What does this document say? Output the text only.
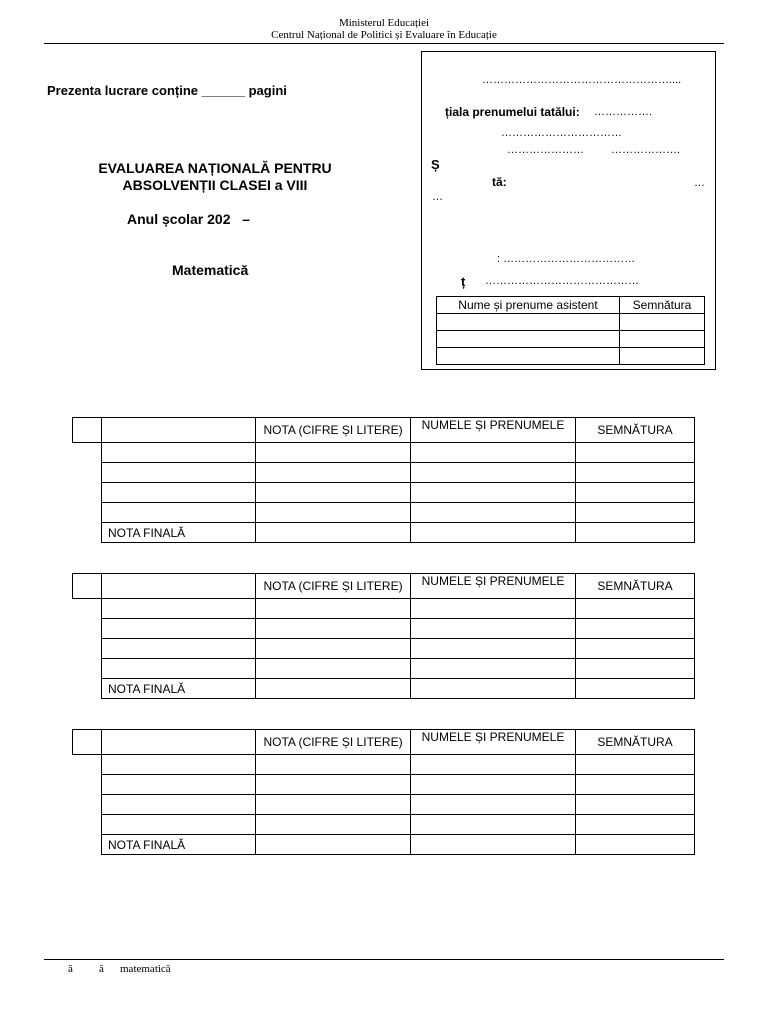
Ministerul Educației
Centrul Național de Politici și Evaluare în Educație
Prezenta lucrare conține ______ pagini
EVALUAREA NAȚIONALĂ PENTRU
ABSOLVENȚII CLASEI a VIII
Anul școlar 202   –
Matematică
……………………………………………....
țiala prenumelui tatălui: …………….
……………………………
………………… ……………….
Ș
tă:	…
…
: ………………………………
ț ……………………………………
Nume și prenume asistent	Semnătura

		NOTA (CIFRE ȘI LITERE)	NUMELE ȘI PRENUMELE	SEMNĂTURA

	NOTA FINALĂ			
		NOTA (CIFRE ȘI LITERE)	NUMELE ȘI PRENUMELE	SEMNĂTURA

	NOTA FINALĂ			
		NOTA (CIFRE ȘI LITERE)	NUMELE ȘI PRENUMELE	SEMNĂTURA

	NOTA FINALĂ			
ă ă matematică
